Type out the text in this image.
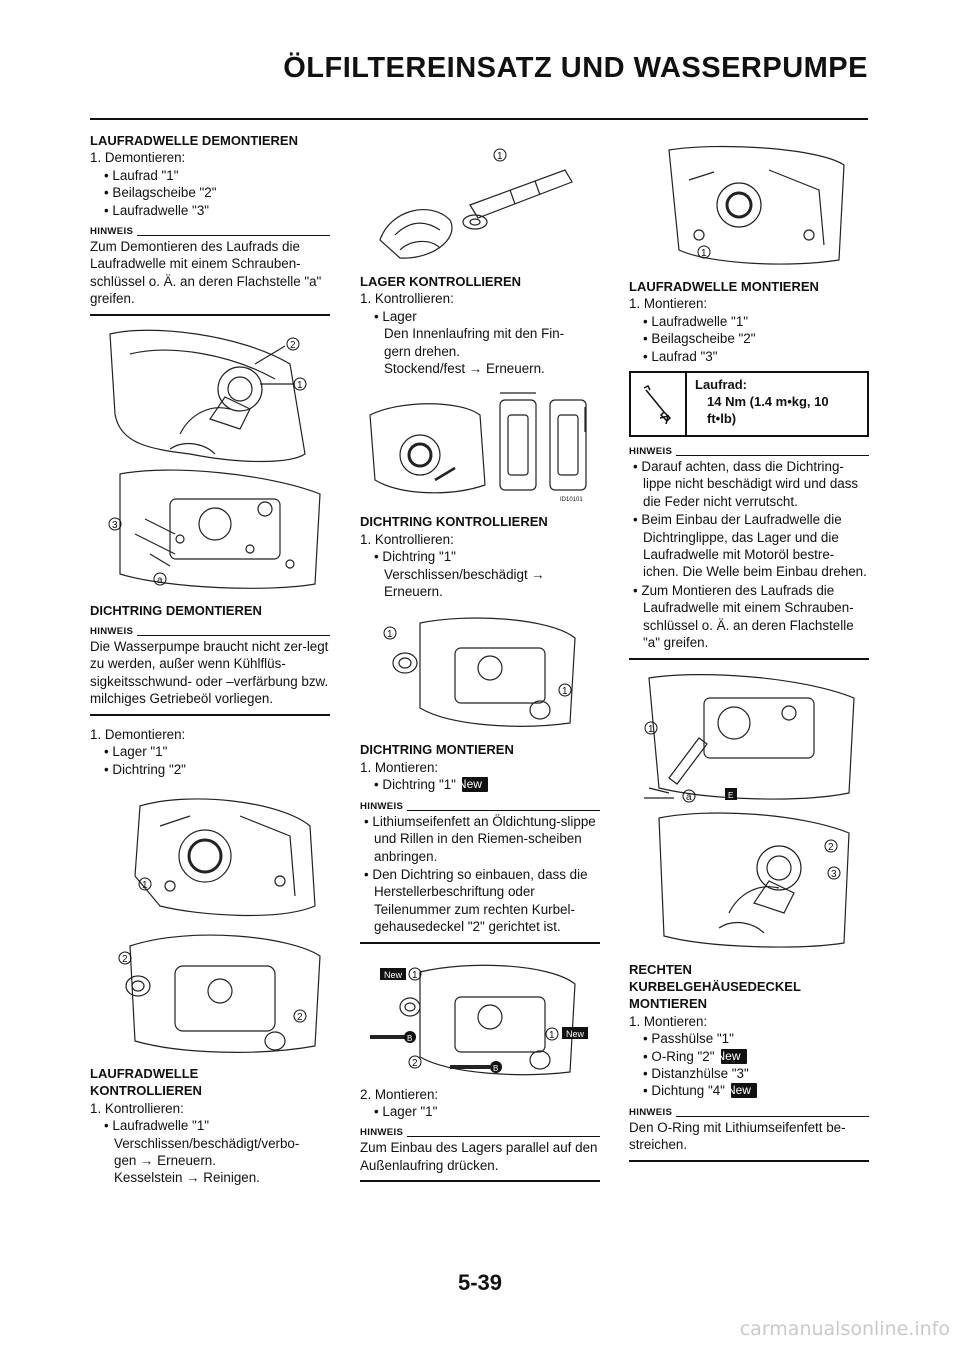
ÖLFILTEREINSATZ UND WASSERPUMPE
LAUFRADWELLE DEMONTIEREN
1. Demontieren:
• Laufrad "1"
• Beilagscheibe "2"
• Laufradwelle "3"
HINWEIS
Zum Demontieren des Laufrads die Laufradwelle mit einem Schrauben-schlüssel o. Ä. an deren Flachstelle "a" greifen.
2
1
3
a
DICHTRING DEMONTIEREN
HINWEIS
Die Wasserpumpe braucht nicht zer-legt zu werden, außer wenn Kühlflüs-sigkeitsschwund- oder –verfärbung bzw. milchiges Getriebeöl vorliegen.
1. Demontieren:
• Lager "1"
• Dichtring "2"
1
2
2
LAUFRADWELLE
KONTROLLIEREN
1. Kontrollieren:
• Laufradwelle "1"
Verschlissen/beschädigt/verbo-
gen → Erneuern.
Kesselstein → Reinigen.
1
LAGER KONTROLLIEREN
1. Kontrollieren:
• Lager
Den Innenlaufring mit den Fin-
gern drehen.
Stockend/fest → Erneuern.
ID10101
DICHTRING KONTROLLIEREN
1. Kontrollieren:
• Dichtring "1"
Verschlissen/beschädigt →
Erneuern.
1
1
DICHTRING MONTIEREN
1. Montieren:
• Dichtring "1" New
HINWEIS
• Lithiumseifenfett an Öldichtung-slippe und Rillen in den Riemen-scheiben anbringen.
• Den Dichtring so einbauen, dass die Herstellerbeschriftung oder Teilenummer zum rechten Kurbel-gehausedeckel "2" gerichtet ist.
New
New
1
1
2
B
B
2. Montieren:
• Lager "1"
HINWEIS
Zum Einbau des Lagers parallel auf den Außenlaufring drücken.
1
LAUFRADWELLE MONTIEREN
1. Montieren:
• Laufradwelle "1"
• Beilagscheibe "2"
• Laufrad "3"
Laufrad:
14 Nm (1.4 m•kg, 10
ft•lb)
HINWEIS
• Darauf achten, dass die Dichtring-lippe nicht beschädigt wird und dass die Feder nicht verrutscht.
• Beim Einbau der Laufradwelle die Dichtringlippe, das Lager und die Laufradwelle mit Motoröl bestre-ichen. Die Welle beim Einbau drehen.
• Zum Montieren des Laufrads die Laufradwelle mit einem Schrauben-schlüssel o. Ä. an deren Flachstelle "a" greifen.
1
a	E
2
3
RECHTEN
KURBELGEHÄUSEDECKEL
MONTIEREN
1. Montieren:
• Passhülse "1"
• O-Ring "2" New
• Distanzhülse "3"
• Dichtung "4" New
HINWEIS
Den O-Ring mit Lithiumseifenfett be-streichen.
5-39
carmanualsonline.info
